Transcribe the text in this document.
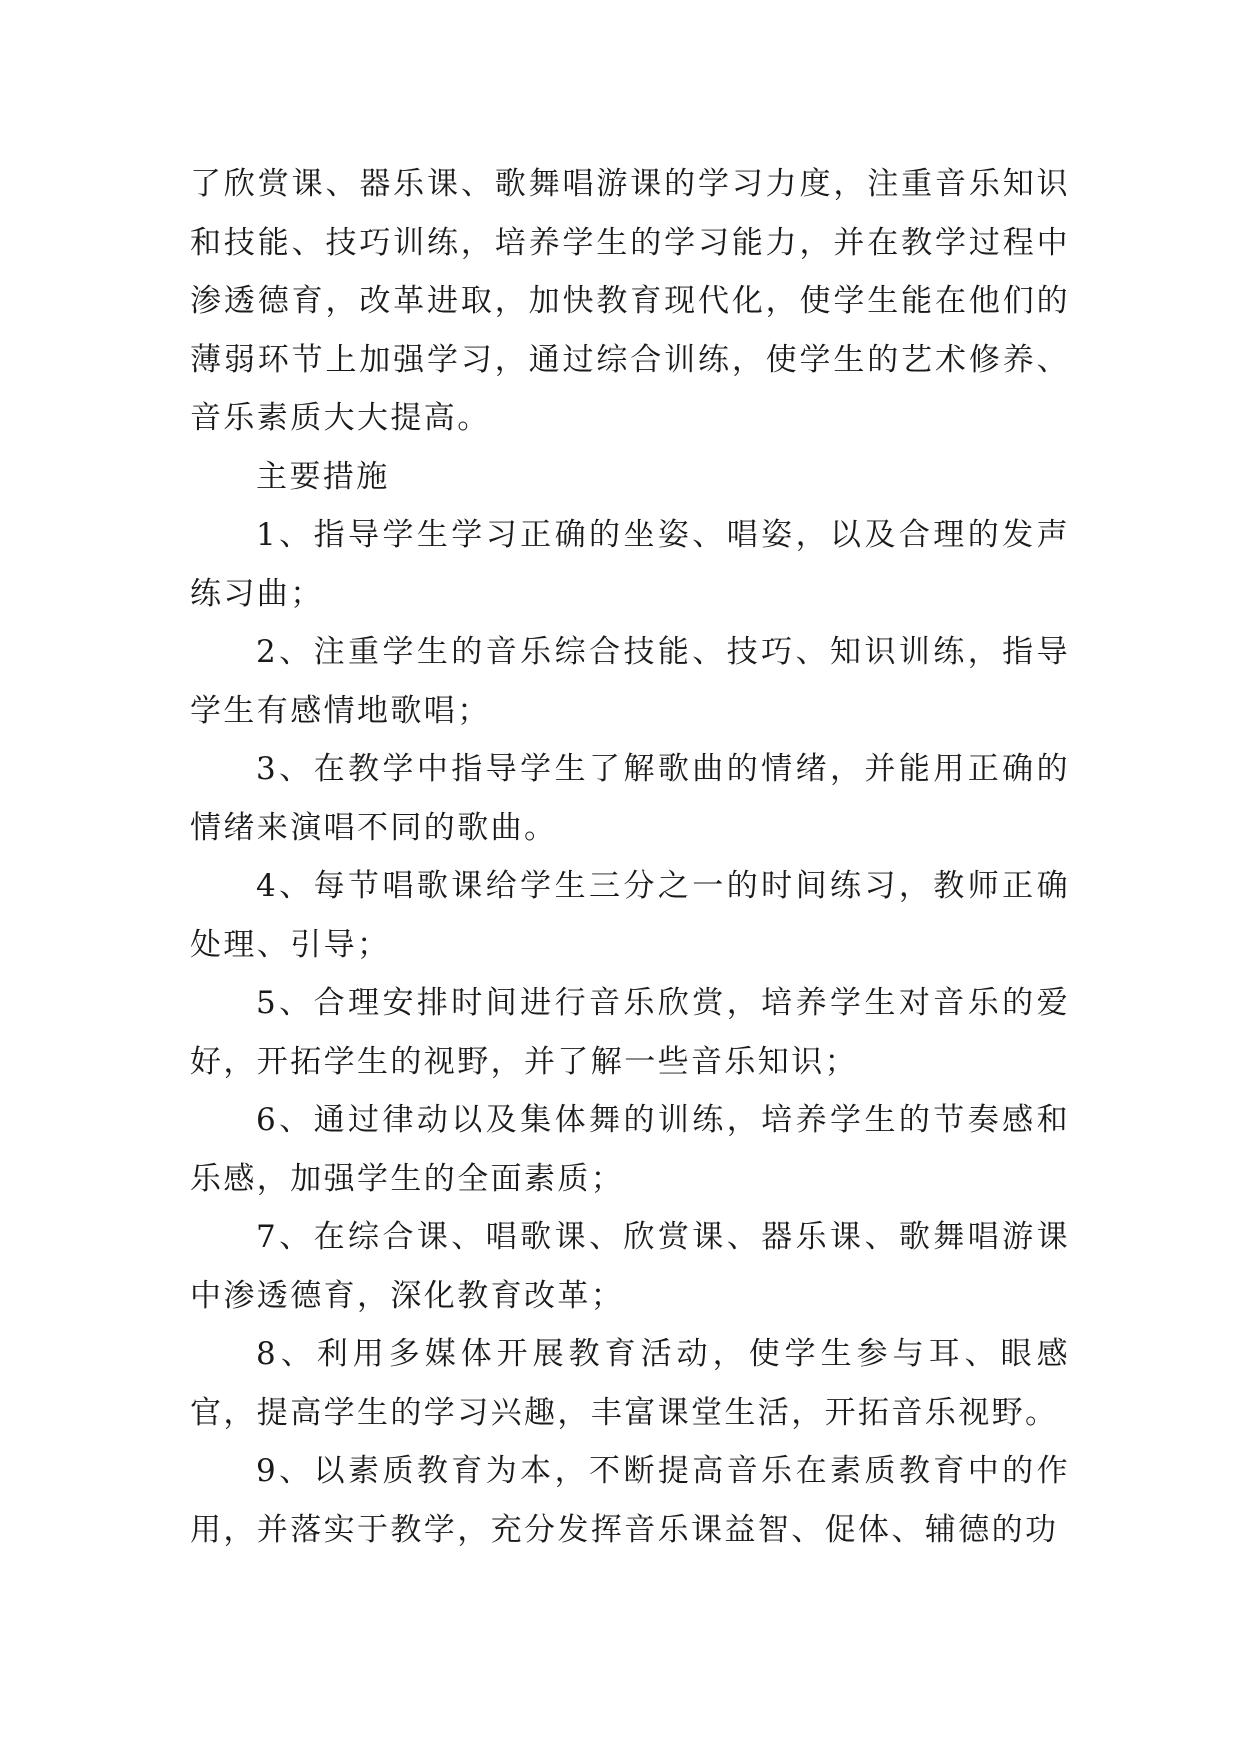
了欣赏课、器乐课、歌舞唱游课的学习力度，注重音乐知识和技能、技巧训练，培养学生的学习能力，并在教学过程中渗透德育，改革进取，加快教育现代化，使学生能在他们的薄弱环节上加强学习，通过综合训练，使学生的艺术修养、音乐素质大大提高。

主要措施

1、指导学生学习正确的坐姿、唱姿，以及合理的发声练习曲；

2、注重学生的音乐综合技能、技巧、知识训练，指导学生有感情地歌唱；

3、在教学中指导学生了解歌曲的情绪，并能用正确的情绪来演唱不同的歌曲。

4、每节唱歌课给学生三分之一的时间练习，教师正确处理、引导；

5、合理安排时间进行音乐欣赏，培养学生对音乐的爱好，开拓学生的视野，并了解一些音乐知识；

6、通过律动以及集体舞的训练，培养学生的节奏感和乐感，加强学生的全面素质；

7、在综合课、唱歌课、欣赏课、器乐课、歌舞唱游课中渗透德育，深化教育改革；

8、利用多媒体开展教育活动，使学生参与耳、眼感官，提高学生的学习兴趣，丰富课堂生活，开拓音乐视野。

9、以素质教育为本，不断提高音乐在素质教育中的作用，并落实于教学，充分发挥音乐课益智、促体、辅德的功
